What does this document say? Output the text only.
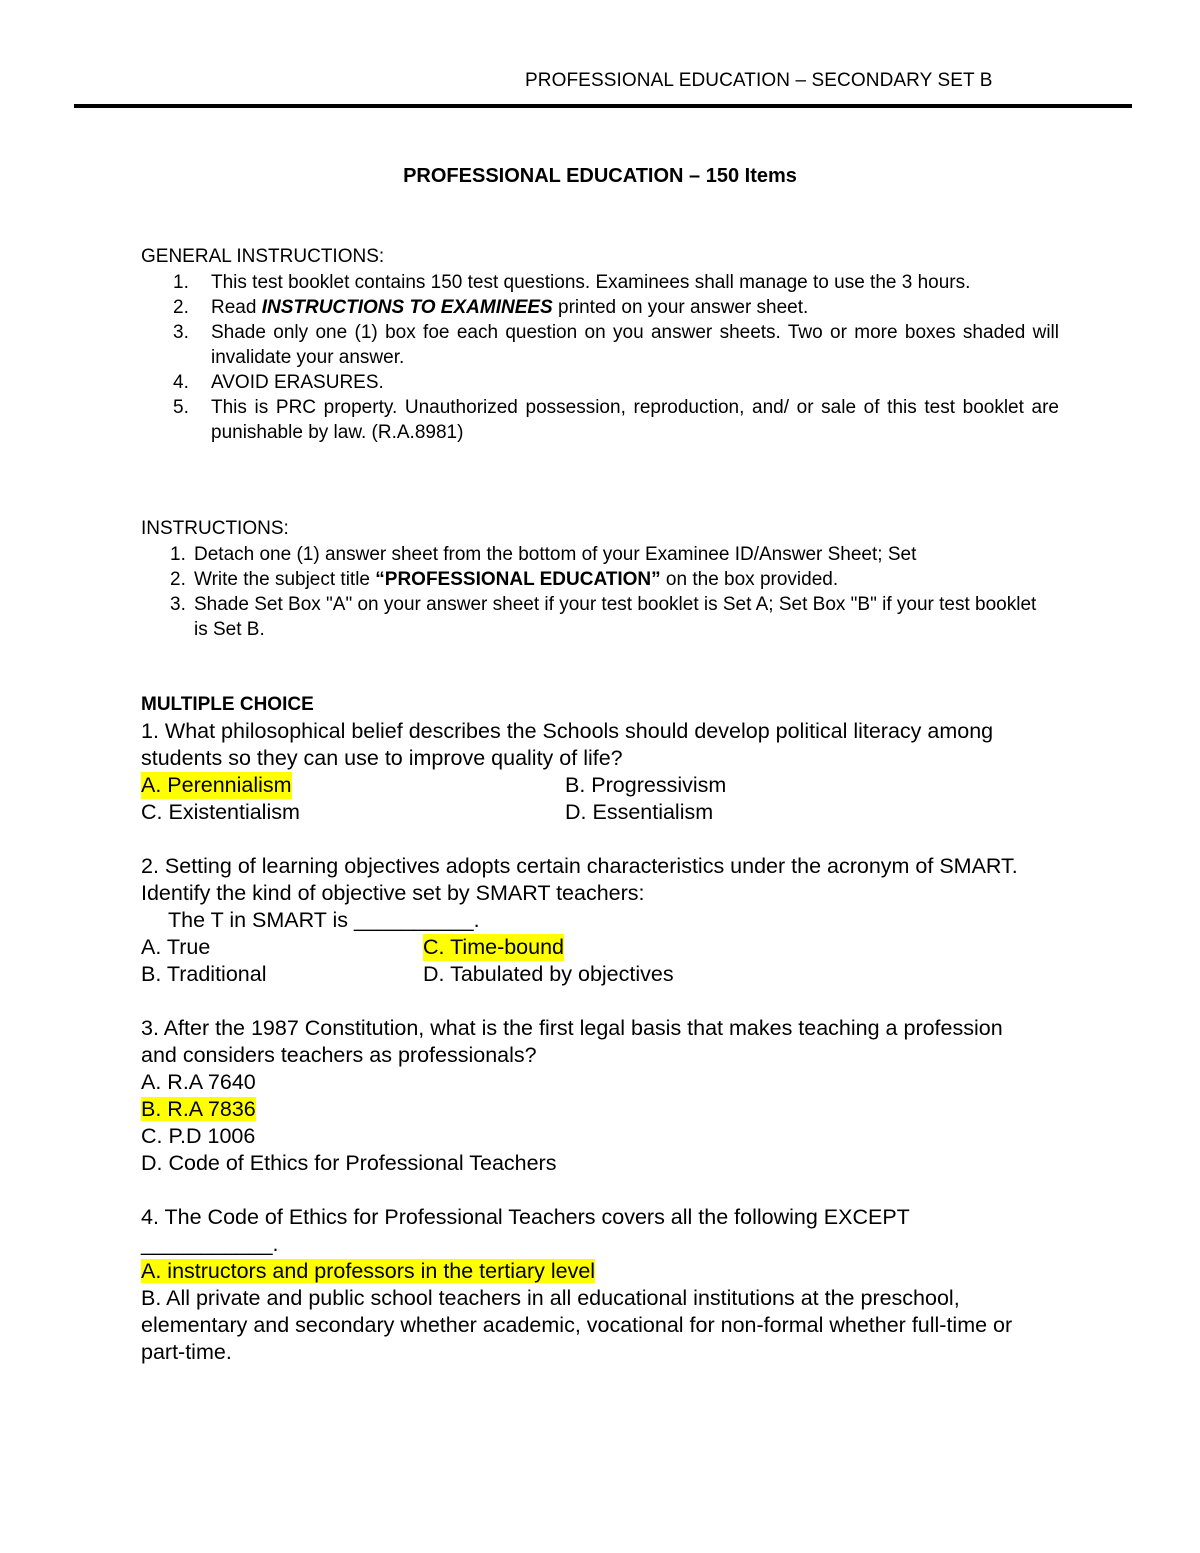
PROFESSIONAL EDUCATION – SECONDARY SET B
PROFESSIONAL EDUCATION – 150 Items
GENERAL INSTRUCTIONS:
1.	This test booklet contains 150 test questions. Examinees shall manage to use the 3 hours.
2.	Read INSTRUCTIONS TO EXAMINEES printed on your answer sheet.
3.	Shade only one (1) box foe each question on you answer sheets. Two or more boxes shaded will invalidate your answer.
4.	AVOID ERASURES.
5.	This is PRC property. Unauthorized possession, reproduction, and/ or sale of this test booklet are punishable by law. (R.A.8981)
INSTRUCTIONS:
1. Detach one (1) answer sheet from the bottom of your Examinee ID/Answer Sheet; Set
2. Write the subject title “PROFESSIONAL EDUCATION” on the box provided.
3. Shade Set Box "A" on your answer sheet if your test booklet is Set A; Set Box "B" if your test booklet is Set B.
MULTIPLE CHOICE

1. What philosophical belief describes the Schools should develop political literacy among students so they can use to improve quality of life?

A. Perennialism	B. Progressivism
C. Existentialism	D. Essentialism

2. Setting of learning objectives adopts certain characteristics under the acronym of SMART. Identify the kind of objective set by SMART teachers:

The T in SMART is __________.

A. True	C. Time-bound
B. Traditional	D. Tabulated by objectives

3. After the 1987 Constitution, what is the first legal basis that makes teaching a profession and considers teachers as professionals?

A. R.A 7640
B. R.A 7836
C. P.D 1006
D. Code of Ethics for Professional Teachers

4. The Code of Ethics for Professional Teachers covers all the following EXCEPT

___________.

A. instructors and professors in the tertiary level
B. All private and public school teachers in all educational institutions at the preschool, elementary and secondary whether academic, vocational for non-formal whether full-time or part-time.
